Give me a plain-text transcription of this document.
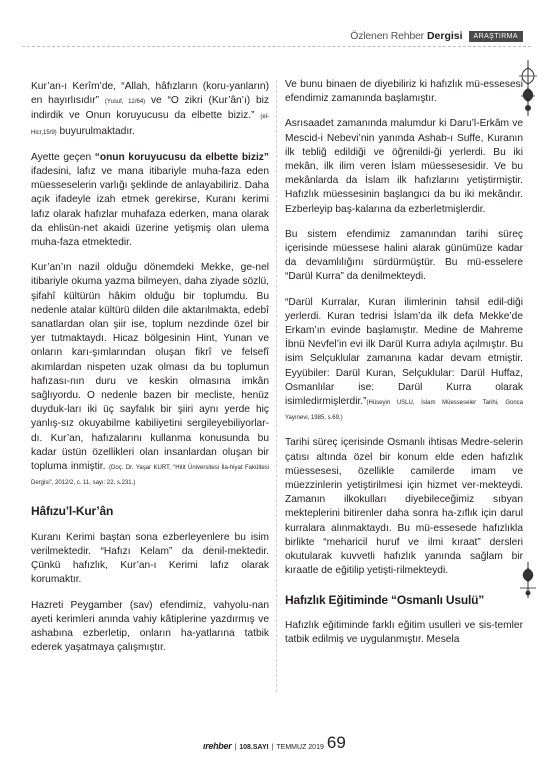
Özlenen Rehber Dergisi	ARAŞTIRMA

Kur’an-ı Kerîm’de, “Allah, hâfızların (koru-yanların) en hayırlısıdır” (Yusuf, 12/64) ve “O zikri (Kur’ân’ı) biz indirdik ve Onun koruyucusu da elbette biziz.” (el-Hicr,15/9) buyurulmaktadır.

Ayette geçen “onun koruyucusu da elbette biziz” ifadesini, lafız ve mana itibariyle muha-faza eden müesseselerin varlığı şeklinde de anlayabiliriz. Daha açık ifadeyle izah etmek gerekirse, Kuranı kerimi lafız olarak hafızlar muhafaza ederken, mana olarak da ehlisün-net akaidi üzerine yetişmiş olan ulema muha-faza etmektedir.

Kur’an’ın nazil olduğu dönemdeki Mekke, ge-nel itibariyle okuma yazma bilmeyen, daha ziyade sözlü, şifahî kültürün hâkim olduğu bir toplumdu. Bu nedenle atalar kültürü dilden dile aktarılmakta, edebî sanatlardan olan şiir ise, toplum nezdinde özel bir yer tutmaktaydı. Hicaz bölgesinin Hint, Yunan ve onların karı-şımlarından oluşan fikrî ve felsefî akımlardan nispeten uzak olması da bu toplumun hafızası-nın duru ve keskin olmasına imkân sağlıyordu. O nedenle bazen bir mecliste, henüz duyduk-ları iki üç sayfalık bir şiiri aynı yerde hiç yanlış-sız okuyabilme kabiliyetini sergileyebiliyorlar-dı. Kur’an, hafızalarını kullanma konusunda bu kadar üstün özellikleri olan insanlardan oluşan bir topluma inmiştir. (Doç. Dr. Yaşar KURT, “Hitit Üniversitesi İla-hiyat Fakültesi Dergisi”, 2012/2, c. 11, sayı: 22, s.231.)

Hâfızu’l-Kur’ân

Kuranı Kerimi baştan sona ezberleyenlere bu isim verilmektedir. “Hafızı Kelam” da denil-mektedir. Çünkü hafızlık, Kur’an-ı Kerimi lafız olarak korumaktır.

Hazreti Peygamber (sav) efendimiz, vahyolu-nan ayeti kerimleri anında vahiy kâtiplerine yazdırmış ve ashabına ezberletip, onların ha-yatlarına tatbik ederek yaşatmaya çalışmıştır.

Ve bunu binaen de diyebiliriz ki hafızlık mü-essesesi efendimiz zamanında başlamıştır.

Asrısaadet zamanında malumdur ki Daru’l-Erkâm ve Mescid-i Nebevi’nin yanında Ashab-ı Suffe, Kuranın ilk tebliğ edildiği ve öğrenildi-ği yerlerdi. Bu iki mekân, ilk ilim veren İslam müessesesidir. Ve bu mekânlarda da İslam ilk hafızlarını yetiştirmiştir. Hafızlık müessesinin başlangıcı da bu iki mekândır. Ezberleyip baş-kalarına da ezberletmişlerdir.

Bu sistem efendimiz zamanından tarihi süreç içerisinde müessese halini alarak günümüze kadar da devamlılığını sürdürmüştür. Bu mü-esselere “Darül Kurra” da denilmekteydi.

“Darül Kurralar, Kuran ilimlerinin tahsil edil-diği yerlerdi. Kuran tedrisi İslam’da ilk defa Mekke’de Erkam’ın evinde başlamıştır. Medine de Mahreme İbnü Nevfel’in evi ilk Darül Kurra adıyla açılmıştır. Bu isim Selçuklular zamanına kadar devam etmiştir. Eyyübiler: Darül Kuran, Selçuklular: Darül Huffaz, Osmanlılar ise: Darül Kurra olarak isimledirmişlerdir.”(Hüseyin USLU, İslam Müesseseler Tarihi, Gonca Yayınevi, 1985, s.69.)

Tarihi süreç içerisinde Osmanlı ihtisas Medre-selerin çatısı altında özel bir konum elde eden hafızlık müessesesi, özellikle camilerde imam ve müezzinlerin yetiştirilmesi için hizmet ver-mekteydi. Zamanın ilkokulları diyebileceğimiz sıbyan mekteplerini bitirenler daha sonra ha-zıflık için darul kurralara alınmaktaydı. Bu mü-essesede hafızlıkla birlikte “meharicil huruf ve ilmi kıraat” dersleri okutularak kuvvetli hafızlık yanında sağlam bir kıraatle de eğitilip yetişti-rilmekteydi.

Hafızlık Eğitiminde “Osmanlı Usulü”

Hafızlık eğitiminde farklı eğitim usulleri ve sis-temler tatbik edilmiş ve uygulanmıştır. Mesela

ırehber | 108.SAYI | TEMMUZ 2019 69
